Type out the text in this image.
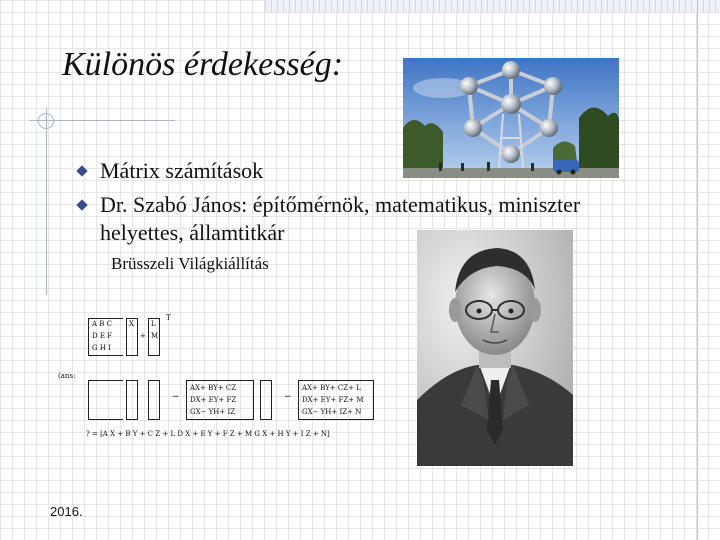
Különös érdekesség:
Mátrix számítások
Dr. Szabó János: építőmérnök, matematikus, miniszter
helyettes, államtitkár
Brüsszeli Világkiállítás
A B C X L
T
D E F	+ M
G H I
(ans:
−
AX+ BY+ CZ
DX+ EY+ FZ
GX− YH+ IZ
−
AX+ BY+ CZ+ L
DX+ EY+ FZ+ M
GX− YH+ IZ+ N
? = [A X + B Y + C Z + L D X + E Y + F Z + M G X + H Y + I Z + N]
2016.
